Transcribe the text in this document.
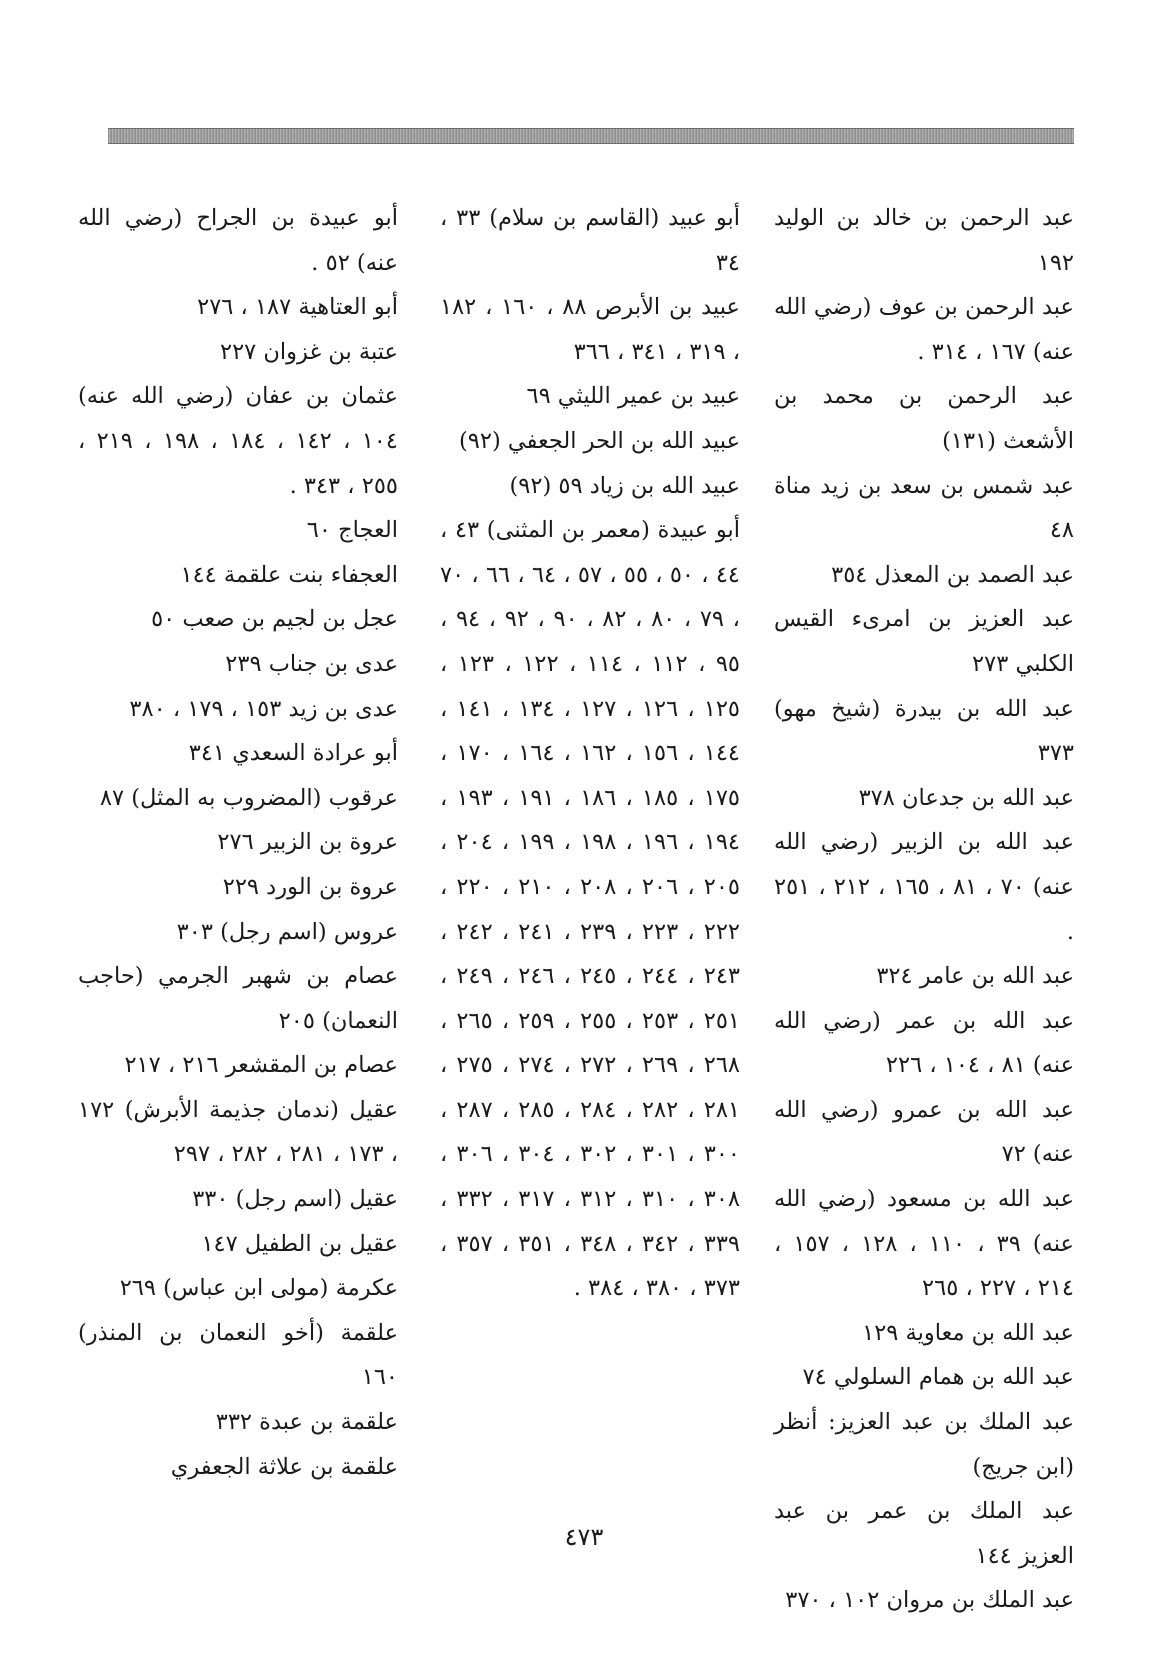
عبد الرحمن بن خالد بن الوليد ١٩٢
عبد الرحمن بن عوف (رضي الله عنه) ١٦٧ ، ٣١٤ .
عبد الرحمن بن محمد بن الأشعث (١٣١)
عبد شمس بن سعد بن زيد مناة ٤٨
عبد الصمد بن المعذل ٣٥٤
عبد العزيز بن امرىء القيس الكلبي ٢٧٣
عبد الله بن بيدرة (شيخ مهو) ٣٧٣
عبد الله بن جدعان ٣٧٨
عبد الله بن الزبير (رضي الله عنه) ٧٠ ، ٨١ ، ١٦٥ ، ٢١٢ ، ٢٥١ .
عبد الله بن عامر ٣٢٤
عبد الله بن عمر (رضي الله عنه) ٨١ ، ١٠٤ ، ٢٢٦
عبد الله بن عمرو (رضي الله عنه) ٧٢
عبد الله بن مسعود (رضي الله عنه) ٣٩ ، ١١٠ ، ١٢٨ ، ١٥٧ ، ٢١٤ ، ٢٢٧ ، ٢٦٥
عبد الله بن معاوية ١٢٩
عبد الله بن همام السلولي ٧٤
عبد الملك بن عبد العزيز: أنظر (ابن جريج)
عبد الملك بن عمر بن عبد العزيز ١٤٤
عبد الملك بن مروان ١٠٢ ، ٣٧٠
أبو عبيد (القاسم بن سلام) ٣٣ ، ٣٤
عبيد بن الأبرص ٨٨ ، ١٦٠ ، ١٨٢ ، ٣١٩ ، ٣٤١ ، ٣٦٦
عبيد بن عمير الليثي ٦٩
عبيد الله بن الحر الجعفي (٩٢)
عبيد الله بن زياد ٥٩ (٩٢)
أبو عبيدة (معمر بن المثنى) ٤٣ ، ٤٤ ، ٥٠ ، ٥٥ ، ٥٧ ، ٦٤ ، ٦٦ ، ٧٠ ، ٧٩ ، ٨٠ ، ٨٢ ، ٩٠ ، ٩٢ ، ٩٤ ، ٩٥ ، ١١٢ ، ١١٤ ، ١٢٢ ، ١٢٣ ، ١٢٥ ، ١٢٦ ، ١٢٧ ، ١٣٤ ، ١٤١ ، ١٤٤ ، ١٥٦ ، ١٦٢ ، ١٦٤ ، ١٧٠ ، ١٧٥ ، ١٨٥ ، ١٨٦ ، ١٩١ ، ١٩٣ ، ١٩٤ ، ١٩٦ ، ١٩٨ ، ١٩٩ ، ٢٠٤ ، ٢٠٥ ، ٢٠٦ ، ٢٠٨ ، ٢١٠ ، ٢٢٠ ، ٢٢٢ ، ٢٢٣ ، ٢٣٩ ، ٢٤١ ، ٢٤٢ ، ٢٤٣ ، ٢٤٤ ، ٢٤٥ ، ٢٤٦ ، ٢٤٩ ، ٢٥١ ، ٢٥٣ ، ٢٥٥ ، ٢٥٩ ، ٢٦٥ ، ٢٦٨ ، ٢٦٩ ، ٢٧٢ ، ٢٧٤ ، ٢٧٥ ، ٢٨١ ، ٢٨٢ ، ٢٨٤ ، ٢٨٥ ، ٢٨٧ ، ٣٠٠ ، ٣٠١ ، ٣٠٢ ، ٣٠٤ ، ٣٠٦ ، ٣٠٨ ، ٣١٠ ، ٣١٢ ، ٣١٧ ، ٣٣٢ ، ٣٣٩ ، ٣٤٢ ، ٣٤٨ ، ٣٥١ ، ٣٥٧ ، ٣٧٣ ، ٣٨٠ ، ٣٨٤ .
أبو عبيدة بن الجراح (رضي الله عنه) ٥٢ .
أبو العتاهية ١٨٧ ، ٢٧٦
عتبة بن غزوان ٢٢٧
عثمان بن عفان (رضي الله عنه) ١٠٤ ، ١٤٢ ، ١٨٤ ، ١٩٨ ، ٢١٩ ، ٢٥٥ ، ٣٤٣ .
العجاج ٦٠
العجفاء بنت علقمة ١٤٤
عجل بن لجيم بن صعب ٥٠
عدى بن جناب ٢٣٩
عدى بن زيد ١٥٣ ، ١٧٩ ، ٣٨٠
أبو عرادة السعدي ٣٤١
عرقوب (المضروب به المثل) ٨٧
عروة بن الزبير ٢٧٦
عروة بن الورد ٢٢٩
عروس (اسم رجل) ٣٠٣
عصام بن شهبر الجرمي (حاجب النعمان) ٢٠٥
عصام بن المقشعر ٢١٦ ، ٢١٧
عقيل (ندمان جذيمة الأبرش) ١٧٢ ، ١٧٣ ، ٢٨١ ، ٢٨٢ ، ٢٩٧
عقيل (اسم رجل) ٣٣٠
عقيل بن الطفيل ١٤٧
عكرمة (مولى ابن عباس) ٢٦٩
علقمة (أخو النعمان بن المنذر) ١٦٠
علقمة بن عبدة ٣٣٢
علقمة بن علاثة الجعفري
٤٧٣
